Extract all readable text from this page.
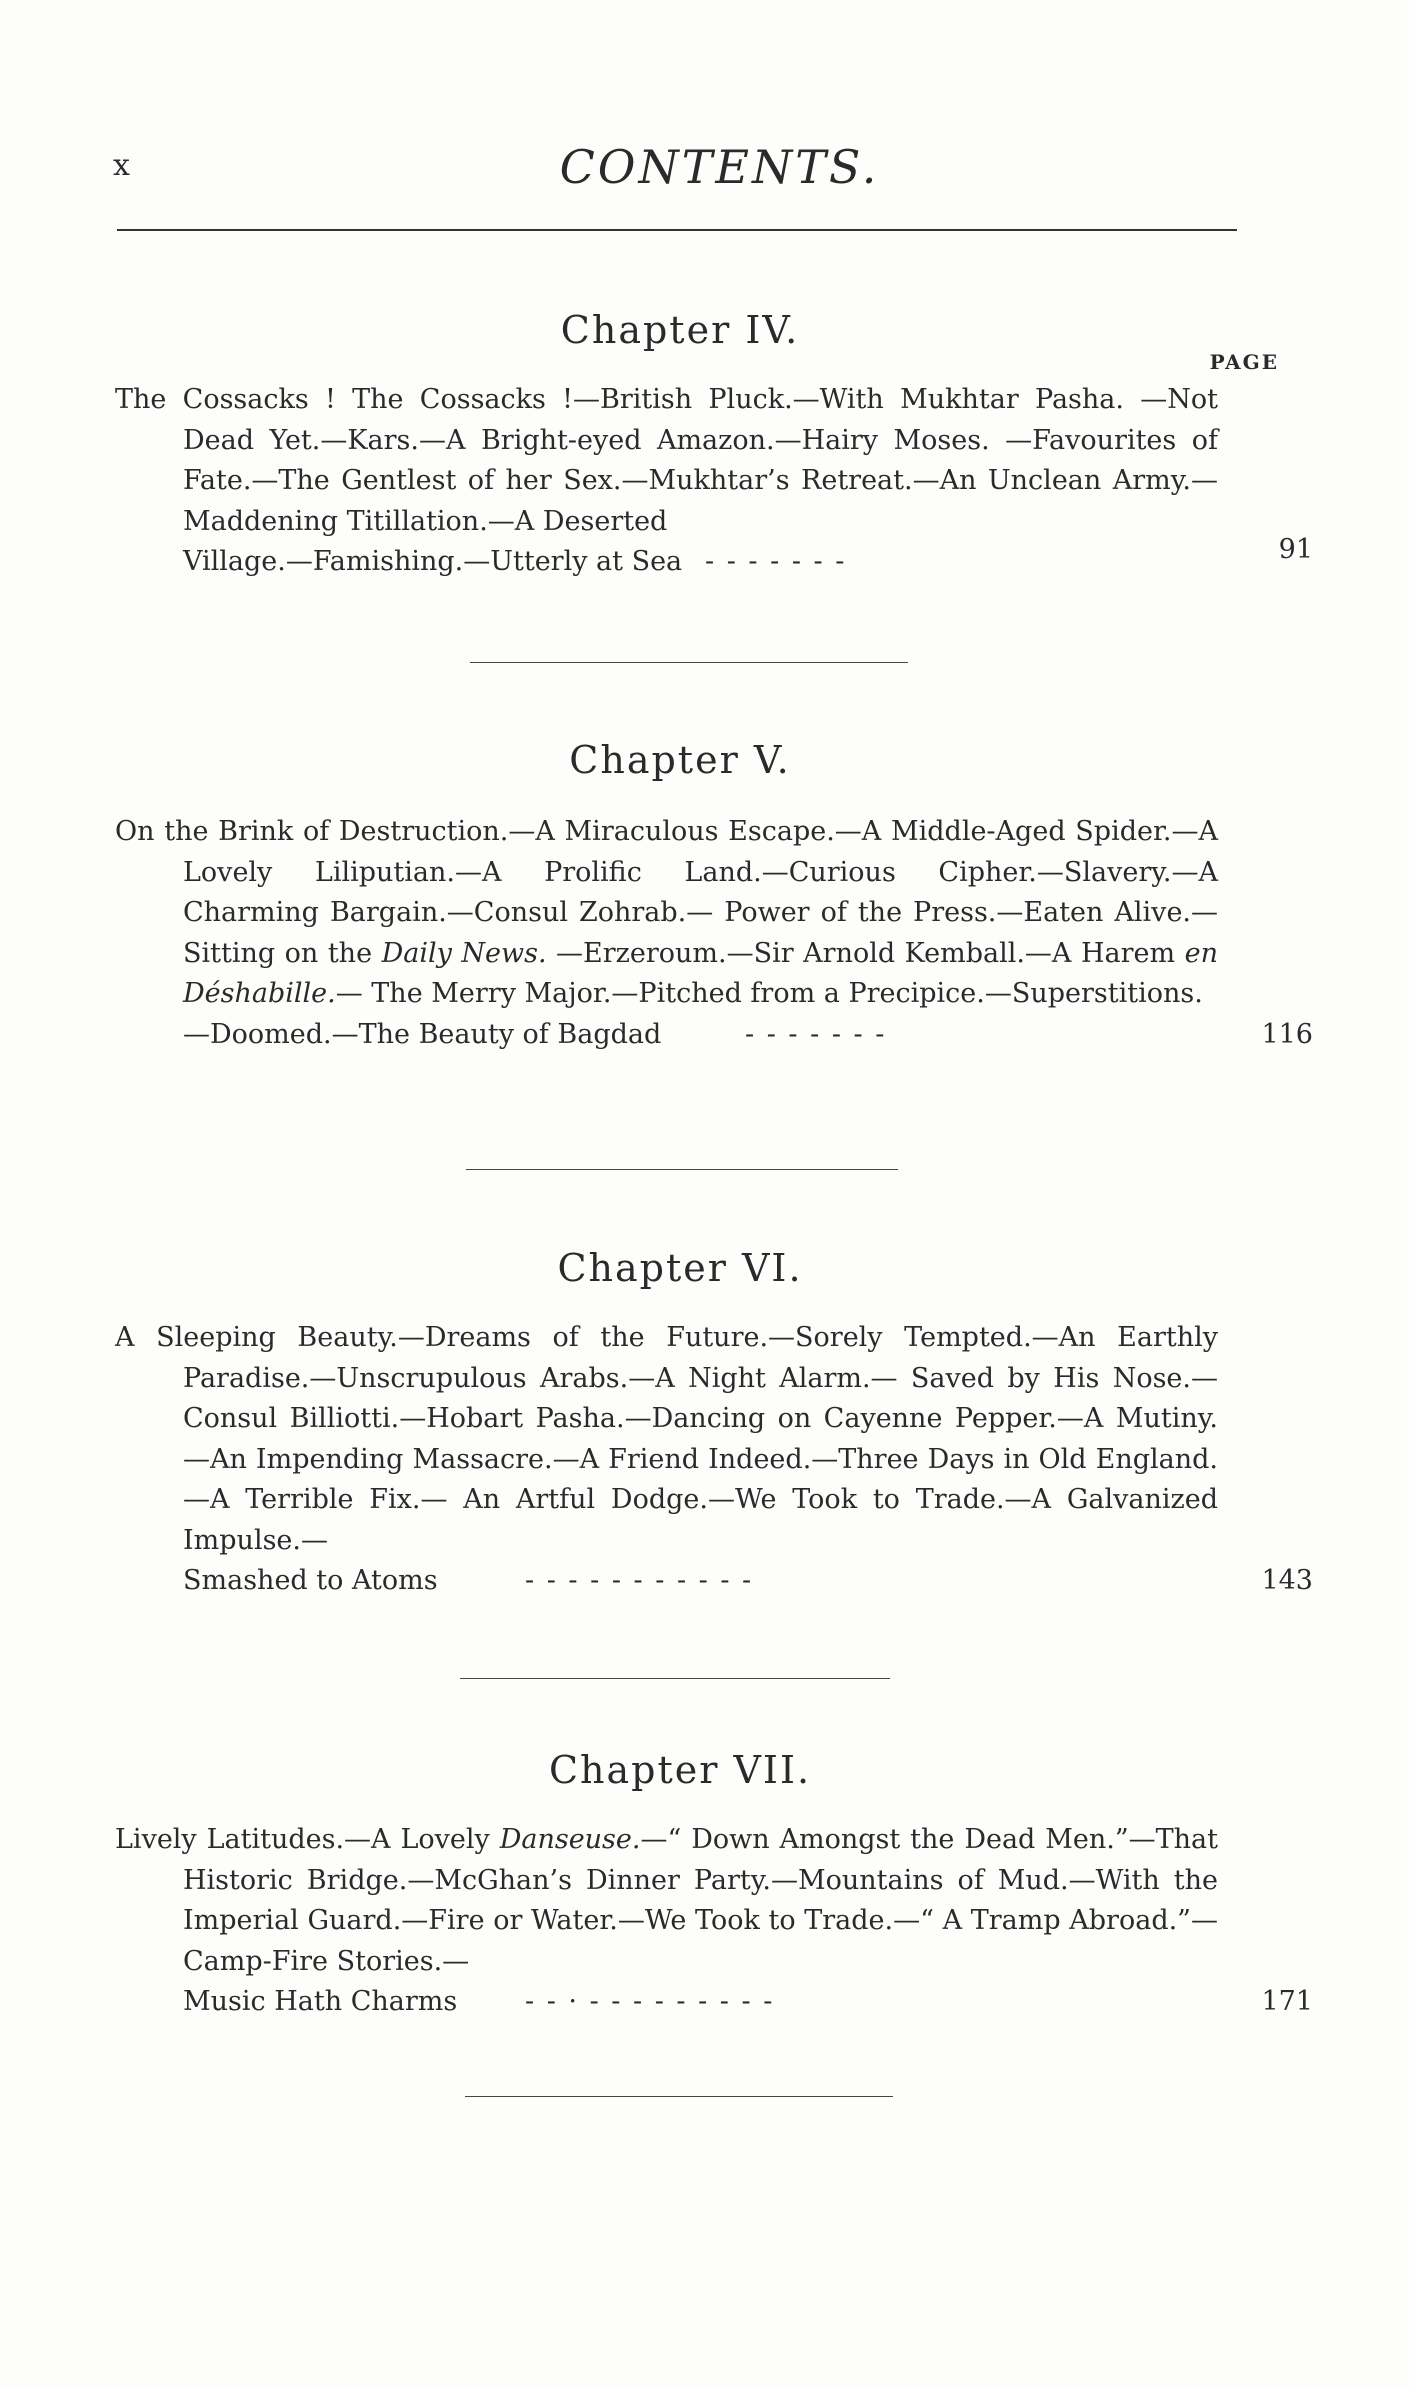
x	CONTENTS.
PAGE
Chapter IV.
The Cossacks ! The Cossacks !—British Pluck.—With Mukhtar Pasha. —Not Dead Yet.—Kars.—A Bright-eyed Amazon.—Hairy Moses. —Favourites of Fate.—The Gentlest of her Sex.—Mukhtar’s Retreat.—An Unclean Army.—Maddening Titillation.—A Deserted
Village.—Famishing.—Utterly at Sea - - - - - - -	91
Chapter V.
On the Brink of Destruction.—A Miraculous Escape.—A Middle-Aged Spider.—A Lovely Liliputian.—A Prolific Land.—Curious Cipher.—Slavery.—A Charming Bargain.—Consul Zohrab.— Power of the Press.—Eaten Alive.—Sitting on the Daily News. —Erzeroum.—Sir Arnold Kemball.—A Harem en Déshabille.— The Merry Major.—Pitched from a Precipice.—Superstitions.
—Doomed.—The Beauty of Bagdad	- - - - - - -	116
Chapter VI.
A Sleeping Beauty.—Dreams of the Future.—Sorely Tempted.—An Earthly Paradise.—Unscrupulous Arabs.—A Night Alarm.— Saved by His Nose.—Consul Billiotti.—Hobart Pasha.—Dancing on Cayenne Pepper.—A Mutiny.—An Impending Massacre.—A Friend Indeed.—Three Days in Old England.—A Terrible Fix.— An Artful Dodge.—We Took to Trade.—A Galvanized Impulse.—
Smashed to Atoms	- - - - - - - - - - -	143
Chapter VII.
Lively Latitudes.—A Lovely Danseuse.—“ Down Amongst the Dead Men.”—That Historic Bridge.—McGhan’s Dinner Party.—Mountains of Mud.—With the Imperial Guard.—Fire or Water.—We Took to Trade.—“ A Tramp Abroad.”—Camp-Fire Stories.—
Music Hath Charms	- - · - - - - - - - - -	171
